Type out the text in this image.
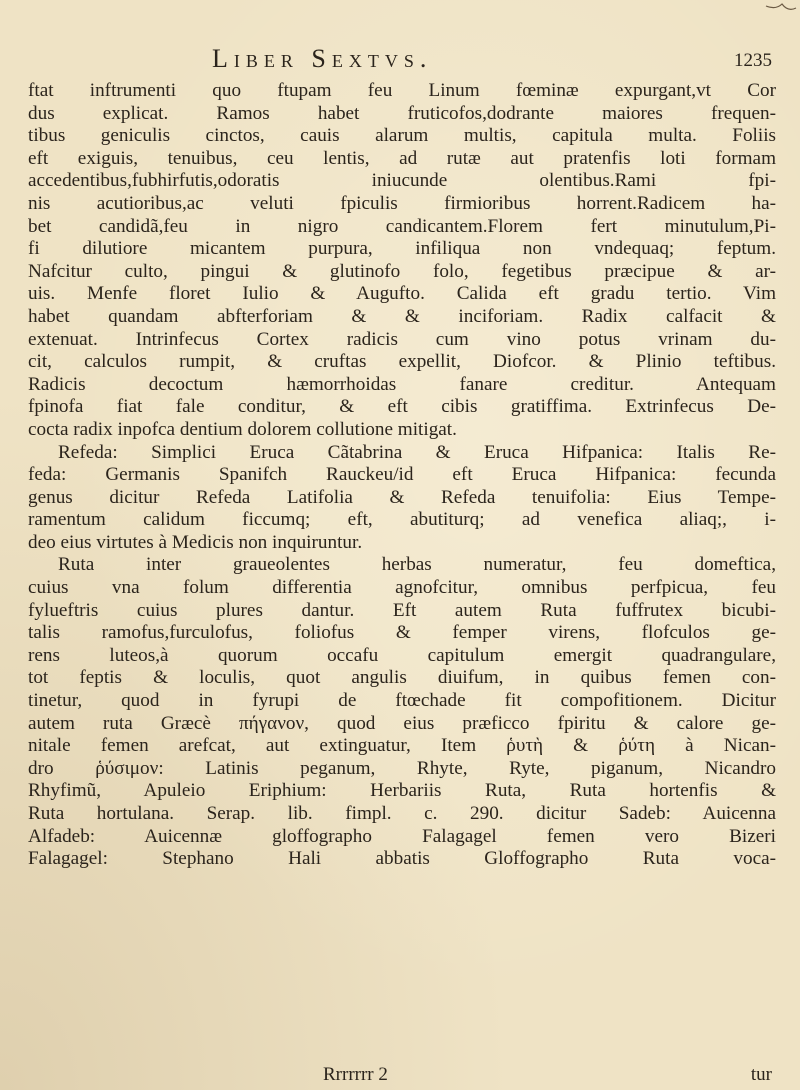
Liber Sextvs.	1235
ftat inftrumenti quo ftupam feu Linum fœminæ expurgant,vt Cor
dus explicat. Ramos habet fruticofos,dodrante maiores frequen-
tibus geniculis cinctos, cauis alarum multis, capitula multa. Foliis
eft exiguis, tenuibus, ceu lentis, ad rutæ aut pratenfis loti formam
accedentibus,fubhirfutis,odoratis iniucunde olentibus.Rami fpi-
nis acutioribus,ac veluti fpiculis firmioribus horrent.Radicem ha-
bet candidã,feu in nigro candicantem.Florem fert minutulum,Pi-
fi dilutiore micantem purpura, infiliqua non vndequaq; feptum.
Nafcitur culto, pingui & glutinofo folo, fegetibus præcipue & ar-
uis. Menfe floret Iulio & Augufto. Calida eft gradu tertio. Vim
habet quandam abfterforiam & & inciforiam. Radix calfacit &
extenuat. Intrinfecus Cortex radicis cum vino potus vrinam du-
cit, calculos rumpit, & cruftas expellit, Diofcor. & Plinio teftibus.
Radicis decoctum hæmorrhoidas fanare creditur. Antequam
fpinofa fiat fale conditur, & eft cibis gratiffima. Extrinfecus De-
cocta radix inpofca dentium dolorem collutione mitigat.
Refeda: Simplici Eruca Cãtabrina & Eruca Hifpanica: Italis Re-
feda: Germanis Spanifch Rauckeu/id eft Eruca Hifpanica: fecunda
genus dicitur Refeda Latifolia & Refeda tenuifolia: Eius Tempe-
ramentum calidum ficcumq; eft, abutiturq; ad venefica aliaq;, i-
deo eius virtutes à Medicis non inquiruntur.
Ruta inter graueolentes herbas numeratur, feu domeftica,
cuius vna folum differentia agnofcitur, omnibus perfpicua, feu
fylueftris cuius plures dantur. Eft autem Ruta fuffrutex bicubi-
talis ramofus,furculofus, foliofus & femper virens, flofculos ge-
rens luteos,à quorum occafu capitulum emergit quadrangulare,
tot feptis & loculis, quot angulis diuifum, in quibus femen con-
tinetur, quod in fyrupi de ftœchade fit compofitionem. Dicitur
autem ruta Græcè πήγανον, quod eius præficco fpiritu & calore ge-
nitale femen arefcat, aut extinguatur, Item ῥυτὴ & ῥύτη à Nican-
dro ῥύσιμον: Latinis peganum, Rhyte, Ryte, piganum, Nicandro
Rhyfimũ, Apuleio Eriphium: Herbariis Ruta, Ruta hortenfis &
Ruta hortulana. Serap. lib. fimpl. c. 290. dicitur Sadeb: Auicenna
Alfadeb: Auicennæ gloffographo Falagagel femen vero Bizeri
Falagagel: Stephano Hali abbatis Gloffographo Ruta voca-
Rrrrrrr 2	tur
